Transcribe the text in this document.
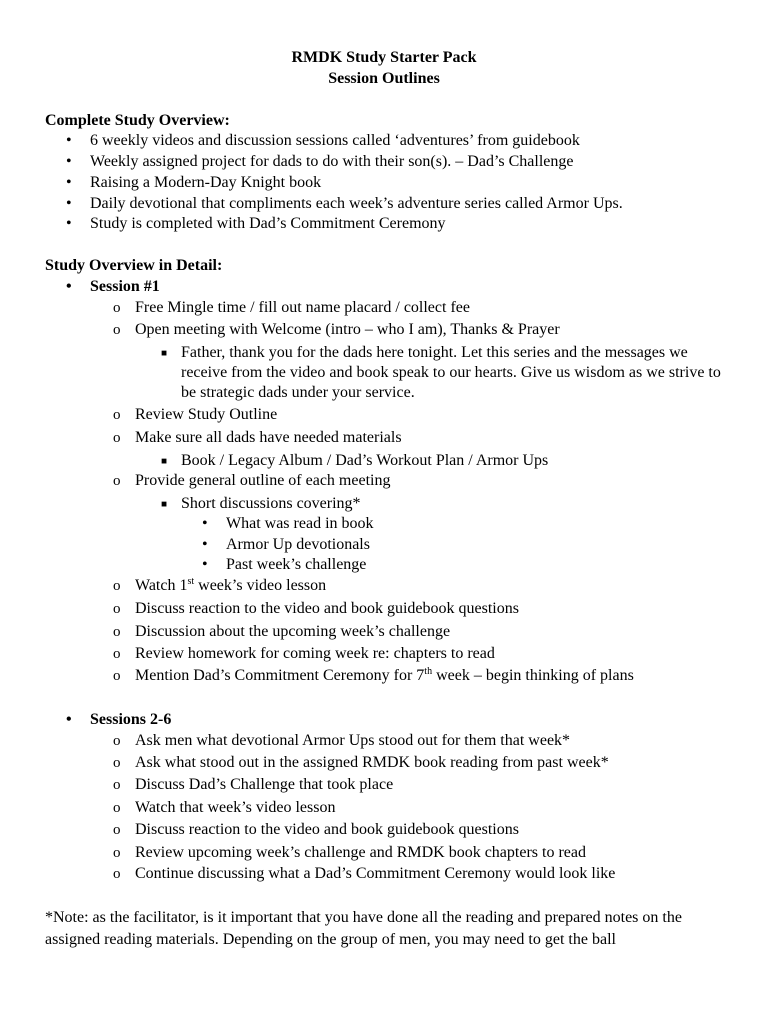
RMDK Study Starter Pack
Session Outlines
Complete Study Overview:
•	6 weekly videos and discussion sessions called ‘adventures’ from guidebook
•	Weekly assigned project for dads to do with their son(s). – Dad’s Challenge
•	Raising a Modern-Day Knight book
•	Daily devotional that compliments each week’s adventure series called Armor Ups.
•	Study is completed with Dad’s Commitment Ceremony
Study Overview in Detail:
•	Session #1
o Free Mingle time / fill out name placard / collect fee
o Open meeting with Welcome (intro – who I am), Thanks & Prayer
■ Father, thank you for the dads here tonight. Let this series and the messages we receive from the video and book speak to our hearts. Give us wisdom as we strive to be strategic dads under your service.
o Review Study Outline
o Make sure all dads have needed materials
■ Book / Legacy Album / Dad’s Workout Plan / Armor Ups
o Provide general outline of each meeting
■ Short discussions covering*
•	What was read in book
•	Armor Up devotionals
•	Past week’s challenge
o Watch 1st week’s video lesson
o Discuss reaction to the video and book guidebook questions
o Discussion about the upcoming week’s challenge
o Review homework for coming week re: chapters to read
o Mention Dad’s Commitment Ceremony for 7th week – begin thinking of plans
•	Sessions 2-6
o Ask men what devotional Armor Ups stood out for them that week*
o Ask what stood out in the assigned RMDK book reading from past week*
o Discuss Dad’s Challenge that took place
o Watch that week’s video lesson
o Discuss reaction to the video and book guidebook questions
o Review upcoming week’s challenge and RMDK book chapters to read
o Continue discussing what a Dad’s Commitment Ceremony would look like
*Note: as the facilitator, is it important that you have done all the reading and prepared notes on the assigned reading materials. Depending on the group of men, you may need to get the ball
